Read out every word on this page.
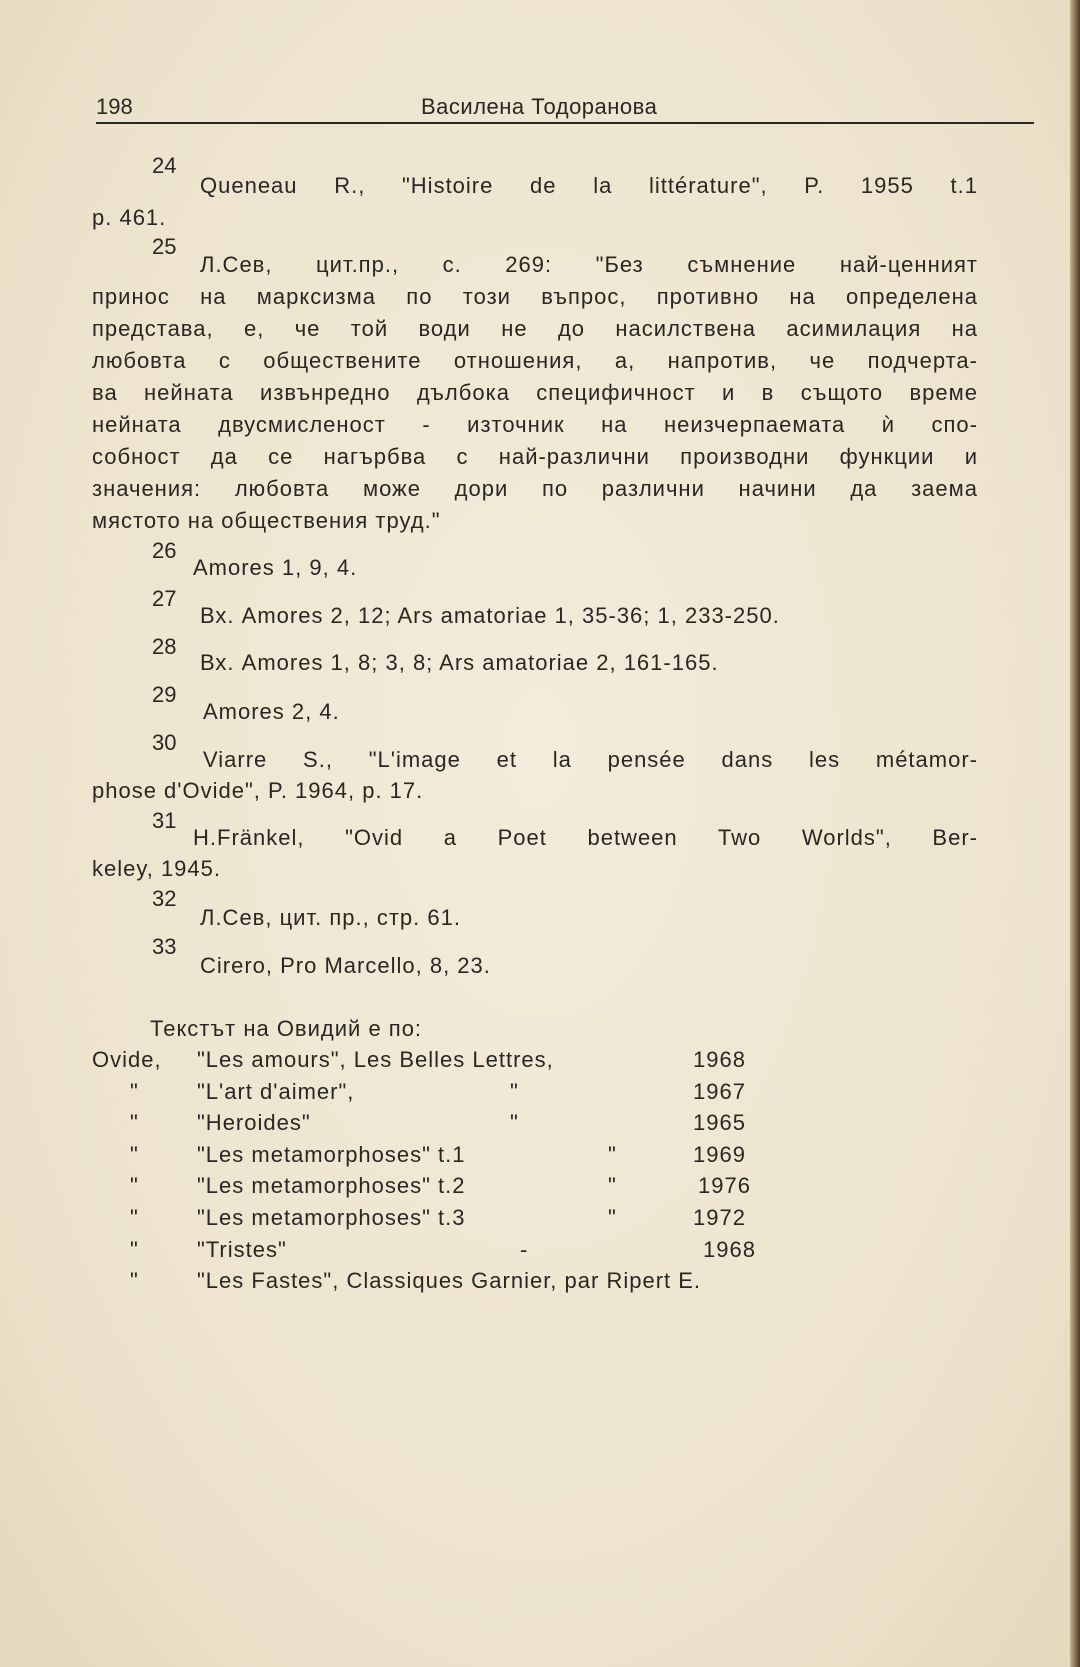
198	Василена Тодоранова
24
Queneau R., "Histoire de la littérature", P. 1955 t.1
p. 461.
25
Л.Сев, цит.пр., с. 269: "Без съмнение най-ценният
принос на марксизма по този въпрос, противно на определена
представа, е, че той води не до насилствена асимилация на
любовта с обществените отношения, а, напротив, че подчерта-
ва нейната извънредно дълбока специфичност и в същото време
нейната двусмисленост - източник на неизчерпаемата ѝ спо-
собност да се нагърбва с най-различни производни функции и
значения: любовта може дори по различни начини да заема
мястото на обществения труд."
26
Amores 1, 9, 4.
27
Вх. Amores 2, 12; Ars amatoriae 1, 35-36; 1, 233-250.
28
Вх. Amores 1, 8; 3, 8; Ars amatoriae 2, 161-165.
29
Amores 2, 4.
30
Viarre S., "L'image et la pensée dans les métamor-
phose d'Ovide", P. 1964, p. 17.
31
H.Fränkel, "Ovid a Poet between Two Worlds", Ber-
keley, 1945.
32
Л.Сев, цит. пр., стр. 61.
33
Cirero, Pro Marcello, 8, 23.
Текстът на Овидий е по:
Ovide, "Les amours", Les Belles Lettres,	1968
"	"L'art d'aimer",	"	1967
"	"Heroides"	"	1965
"	"Les metamorphoses" t.1	"	1969
"	"Les metamorphoses" t.2	"	1976
"	"Les metamorphoses" t.3	"	1972
"	"Tristes"	-	1968
"	"Les Fastes", Classiques Garnier, par Ripert E.
